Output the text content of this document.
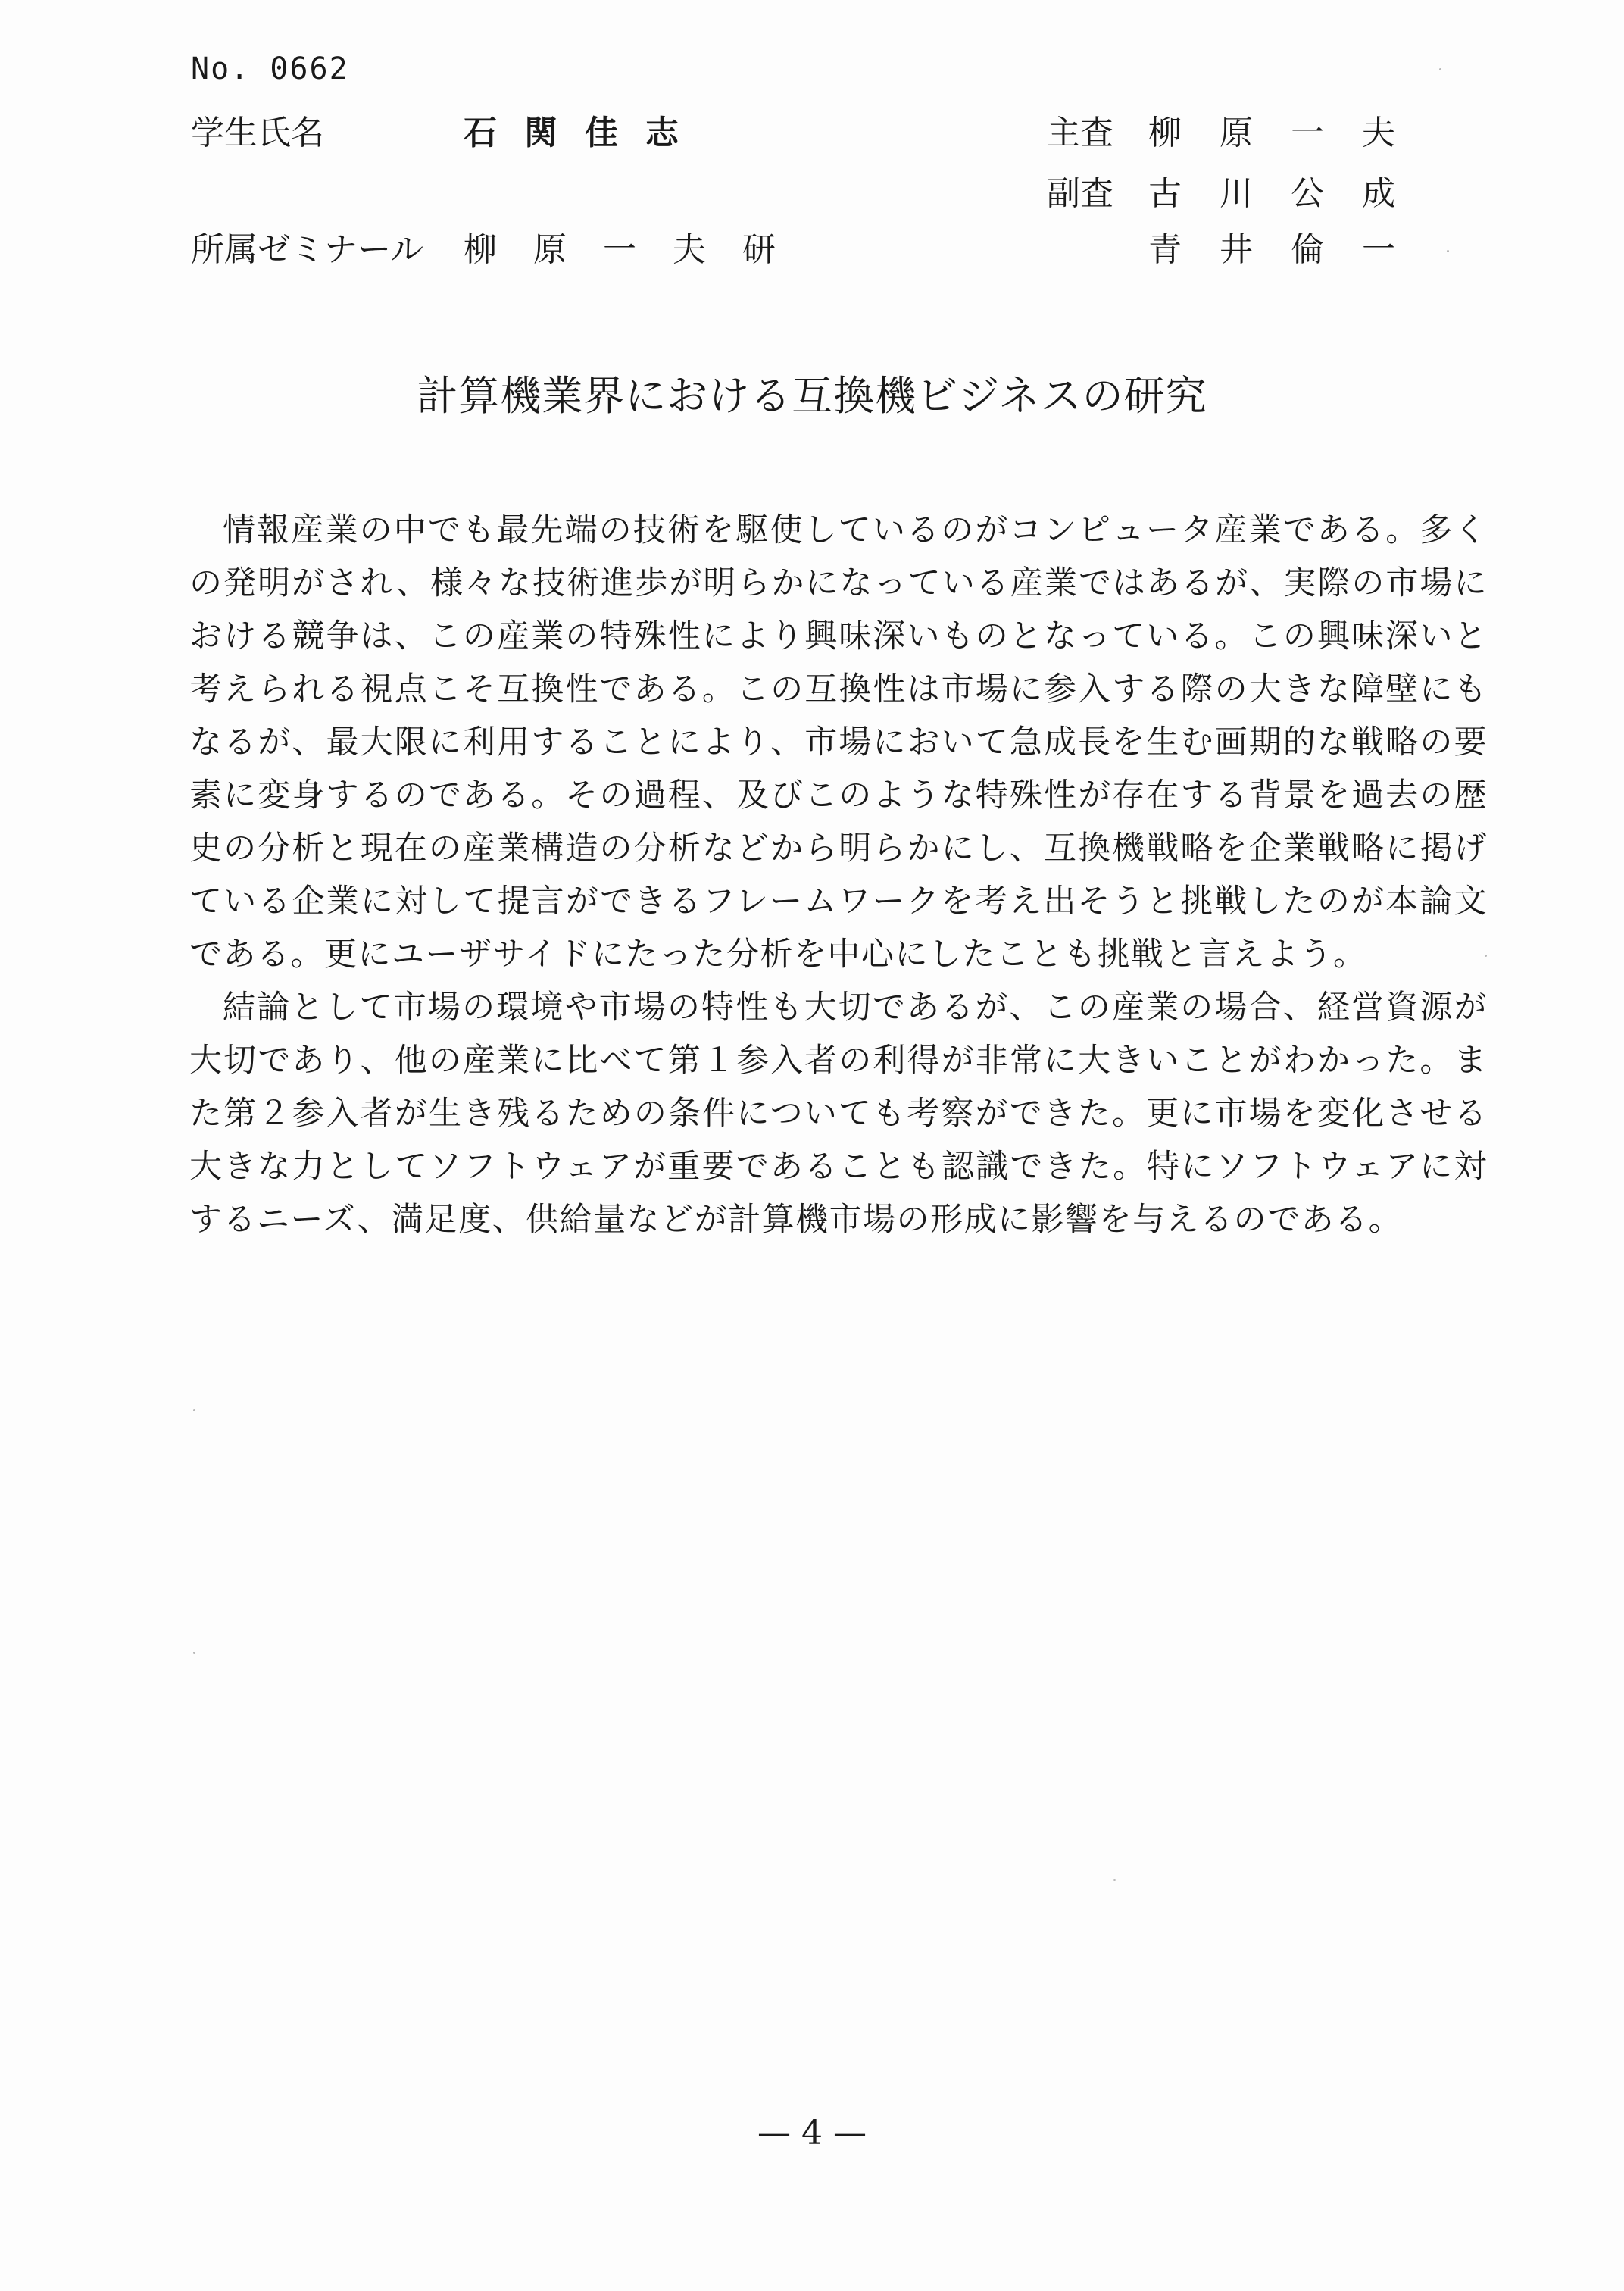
No. 0662
学生氏名	石関佳志	主査 柳原一夫
副査 古川公成
所属ゼミナール 柳原一夫研	青井倫一
計算機業界における互換機ビジネスの研究

情報産業の中でも最先端の技術を駆使しているのがコンピュータ産業である。多くの発明がされ、様々な技術進歩が明らかになっている産業ではあるが、実際の市場における競争は、この産業の特殊性により興味深いものとなっている。この興味深いと考えられる視点こそ互換性である。この互換性は市場に参入する際の大きな障壁にもなるが、最大限に利用することにより、市場において急成長を生む画期的な戦略の要素に変身するのである。その過程、及びこのような特殊性が存在する背景を過去の歴史の分析と現在の産業構造の分析などから明らかにし、互換機戦略を企業戦略に掲げている企業に対して提言ができるフレームワークを考え出そうと挑戦したのが本論文である。更にユーザサイドにたった分析を中心にしたことも挑戦と言えよう。

結論として市場の環境や市場の特性も大切であるが、この産業の場合、経営資源が大切であり、他の産業に比べて第１参入者の利得が非常に大きいことがわかった。また第２参入者が生き残るための条件についても考察ができた。更に市場を変化させる大きな力としてソフトウェアが重要であることも認識できた。特にソフトウェアに対するニーズ、満足度、供給量などが計算機市場の形成に影響を与えるのである。

— 4 —
